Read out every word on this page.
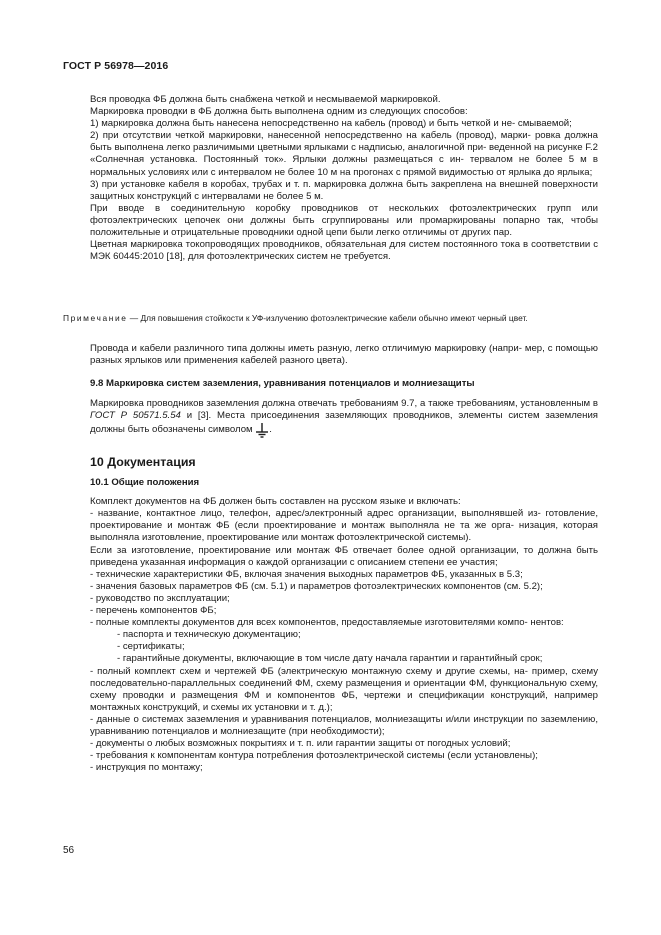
ГОСТ Р 56978—2016

Вся проводка ФБ должна быть снабжена четкой и несмываемой маркировкой.

Маркировка проводки в ФБ должна быть выполнена одним из следующих способов:

1) маркировка должна быть нанесена непосредственно на кабель (провод) и быть четкой и не- смываемой;

2) при отсутствии четкой маркировки, нанесенной непосредственно на кабель (провод), марки- ровка должна быть выполнена легко различимыми цветными ярлыками с надписью, аналогичной при- веденной на рисунке F.2 «Солнечная установка. Постоянный ток». Ярлыки должны размещаться с ин- тервалом не более 5 м в нормальных условиях или с интервалом не более 10 м на прогонах с прямой видимостью от ярлыка до ярлыка;

3) при установке кабеля в коробах, трубах и т. п. маркировка должна быть закреплена на внешней поверхности защитных конструкций с интервалами не более 5 м.

При вводе в соединительную коробку проводников от нескольких фотоэлектрических групп или фотоэлектрических цепочек они должны быть сгруппированы или промаркированы попарно так, чтобы положительные и отрицательные проводники одной цепи были легко отличимы от других пар.

Цветная маркировка токопроводящих проводников, обязательная для систем постоянного тока в соответствии с МЭК 60445:2010 [18], для фотоэлектрических систем не требуется.

Примечание — Для повышения стойкости к УФ-излучению фотоэлектрические кабели обычно имеют черный цвет.

Провода и кабели различного типа должны иметь разную, легко отличимую маркировку (напри- мер, с помощью разных ярлыков или применения кабелей разного цвета).

9.8 Маркировка систем заземления, уравнивания потенциалов и молниезащиты

Маркировка проводников заземления должна отвечать требованиям 9.7, а также требованиям, установленным в ГОСТ Р 50571.5.54 и [3]. Места присоединения заземляющих проводников, элементы систем заземления должны быть обозначены символом .

10 Документация

10.1 Общие положения

Комплект документов на ФБ должен быть составлен на русском языке и включать:

- название, контактное лицо, телефон, адрес/электронный адрес организации, выполнявшей из- готовление, проектирование и монтаж ФБ (если проектирование и монтаж выполняла не та же орга- низация, которая выполняла изготовление, проектирование или монтаж фотоэлектрической системы).

Если за изготовление, проектирование или монтаж ФБ отвечает более одной организации, то должна быть приведена указанная информация о каждой организации с описанием степени ее участия;

- технические характеристики ФБ, включая значения выходных параметров ФБ, указанных в 5.3;

- значения базовых параметров ФБ (см. 5.1) и параметров фотоэлектрических компонентов (см. 5.2);

- руководство по эксплуатации;

- перечень компонентов ФБ;

- полные комплекты документов для всех компонентов, предоставляемые изготовителями компо- нентов:

- паспорта и техническую документацию;

- сертификаты;

- гарантийные документы, включающие в том числе дату начала гарантии и гарантийный срок;

- полный комплект схем и чертежей ФБ (электрическую монтажную схему и другие схемы, на- пример, схему последовательно-параллельных соединений ФМ, схему размещения и ориентации ФМ, функциональную схему, схему проводки и размещения ФМ и компонентов ФБ, чертежи и спецификации конструкций, например монтажных конструкций, и схемы их установки и т. д.);

- данные о системах заземления и уравнивания потенциалов, молниезащиты и/или инструкции по заземлению, уравниванию потенциалов и молниезащите (при необходимости);

- документы о любых возможных покрытиях и т. п. или гарантии защиты от погодных условий;

- требования к компонентам контура потребления фотоэлектрической системы (если установлены);

- инструкция по монтажу;

56
